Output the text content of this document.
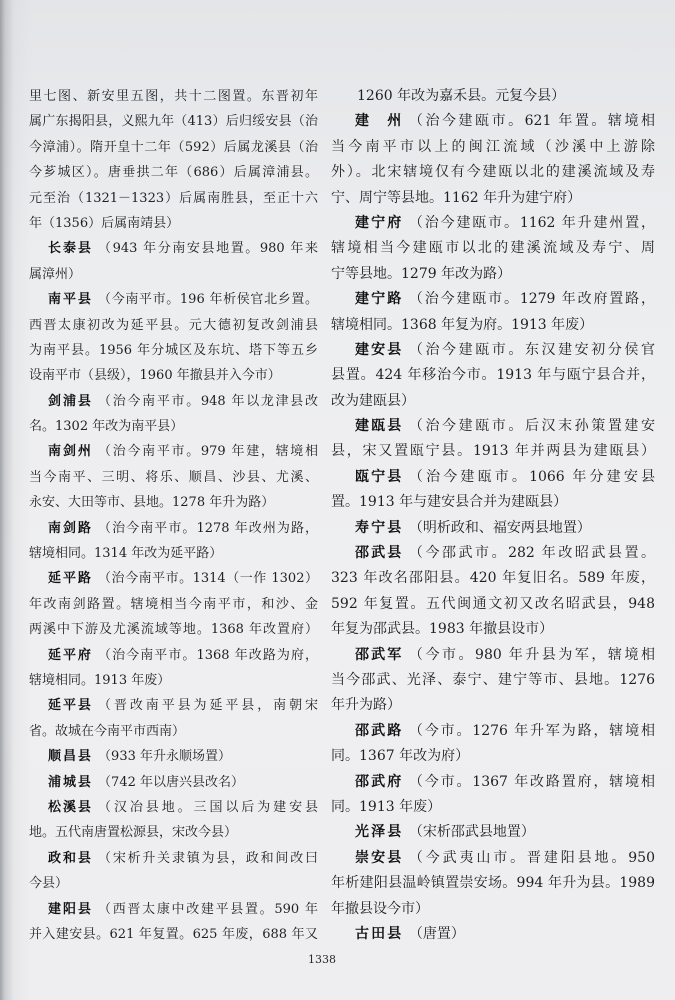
里七图、新安里五图，共十二图置。东晋初年
属广东揭阳县，义熙九年（413）后归绥安县（治
今漳浦）。隋开皇十二年（592）后属龙溪县（治
今芗城区）。唐垂拱二年（686）后属漳浦县。
元至治（1321－1323）后属南胜县，至正十六
年（1356）后属南靖县）
长泰县 （943 年分南安县地置。980 年来
属漳州）
南平县 （今南平市。196 年析侯官北乡置。
西晋太康初改为延平县。元大德初复改剑浦县
为南平县。1956 年分城区及东坑、塔下等五乡
设南平市（县级），1960 年撤县并入今市）
剑浦县 （治今南平市。948 年以龙津县改
名。1302 年改为南平县）
南剑州 （治今南平市。979 年建，辖境相
当今南平、三明、将乐、顺昌、沙县、尤溪、
永安、大田等市、县地。1278 年升为路）
南剑路 （治今南平市。1278 年改州为路，
辖境相同。1314 年改为延平路）
延平路 （治今南平市。1314（一作 1302）
年改南剑路置。辖境相当今南平市，和沙、金
两溪中下游及尤溪流域等地。1368 年改置府）
延平府 （治今南平市。1368 年改路为府，
辖境相同。1913 年废）
延平县 （晋改南平县为延平县，南朝宋
省。故城在今南平市西南）
顺昌县 （933 年升永顺场置）
浦城县 （742 年以唐兴县改名）
松溪县 （汉冶县地。三国以后为建安县
地。五代南唐置松源县，宋改今县）
政和县 （宋析升关隶镇为县，政和间改曰
今县）
建阳县 （西晋太康中改建平县置。590 年
并入建安县。621 年复置。625 年废，688 年又
1260 年改为嘉禾县。元复今县）
建　州 （治今建瓯市。621 年置。辖境相
当今南平市以上的闽江流域（沙溪中上游除
外）。北宋辖境仅有今建瓯以北的建溪流域及寿
宁、周宁等县地。1162 年升为建宁府）
建宁府 （治今建瓯市。1162 年升建州置，
辖境相当今建瓯市以北的建溪流域及寿宁、周
宁等县地。1279 年改为路）
建宁路 （治今建瓯市。1279 年改府置路，
辖境相同。1368 年复为府。1913 年废）
建安县 （治今建瓯市。东汉建安初分侯官
县置。424 年移治今市。1913 年与瓯宁县合并，
改为建瓯县）
建瓯县 （治今建瓯市。后汉末孙策置建安
县，宋又置瓯宁县。1913 年并两县为建瓯县）
瓯宁县 （治今建瓯市。1066 年分建安县
置。1913 年与建安县合并为建瓯县）
寿宁县 （明析政和、福安两县地置）
邵武县 （今邵武市。282 年改昭武县置。
323 年改名邵阳县。420 年复旧名。589 年废，
592 年复置。五代闽通文初又改名昭武县，948
年复为邵武县。1983 年撤县设市）
邵武军 （今市。980 年升县为军，辖境相
当今邵武、光泽、泰宁、建宁等市、县地。1276
年升为路）
邵武路 （今市。1276 年升军为路，辖境相
同。1367 年改为府）
邵武府 （今市。1367 年改路置府，辖境相
同。1913 年废）
光泽县 （宋析邵武县地置）
崇安县 （今武夷山市。晋建阳县地。950
年析建阳县温岭镇置崇安场。994 年升为县。1989
年撤县设今市）
古田县 （唐置）
1338
